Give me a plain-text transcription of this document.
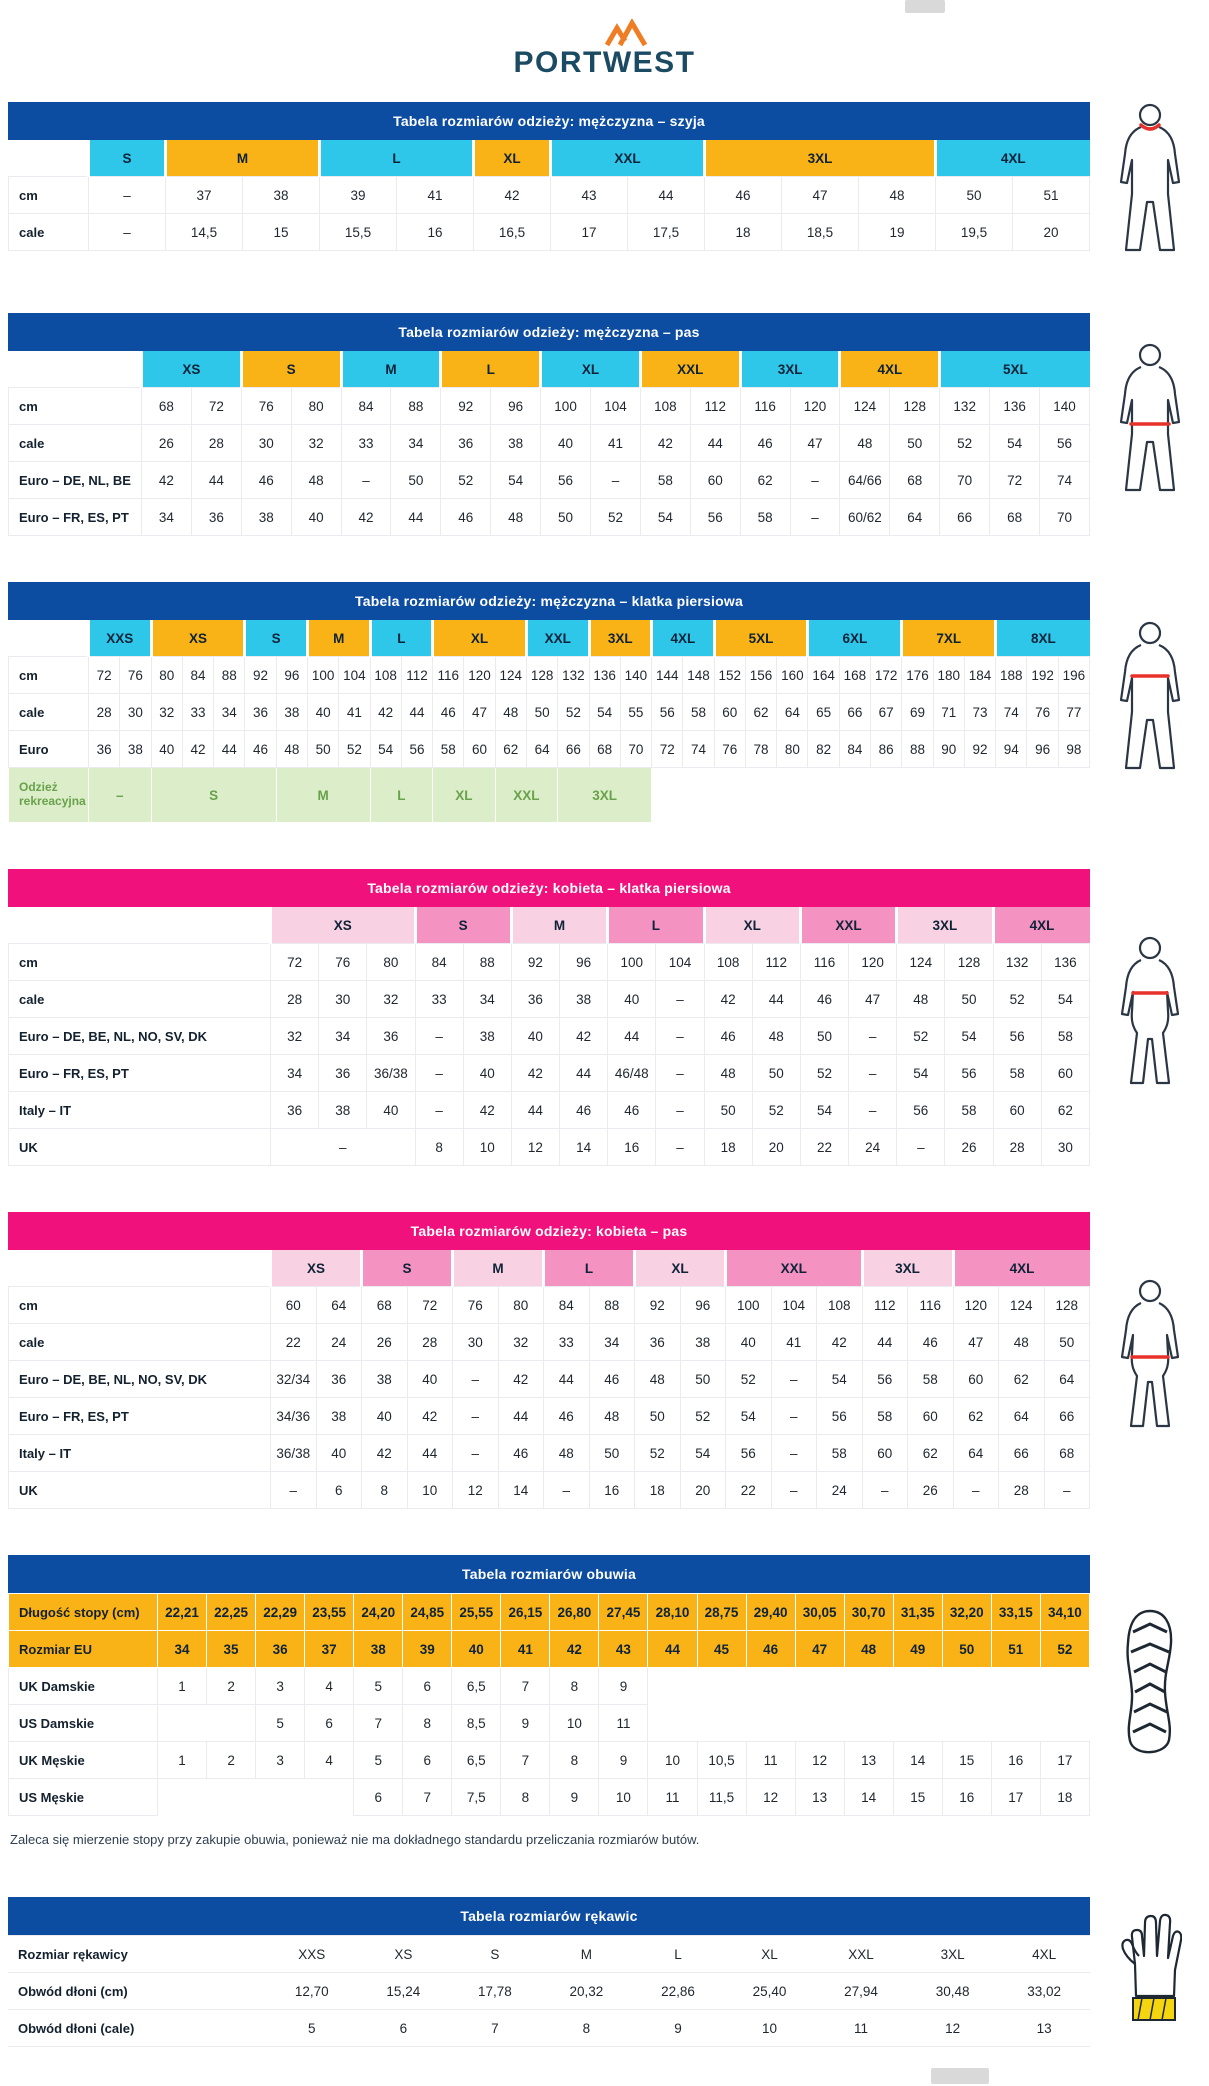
PORTWEST
Tabela rozmiarów odzieży: mężczyzna – szyja
	S	M		L		XL	XXL		3XL			4XL	
cm	–	37	38	39	41	42	43	44	46	47	48	50	51
cale	–	14,5	15	15,5	16	16,5	17	17,5	18	18,5	19	19,5	20
Tabela rozmiarów odzieży: mężczyzna – pas
	XS		S		M		L		XL		XXL		3XL		4XL		5XL		
cm	68	72	76	80	84	88	92	96	100	104	108	112	116	120	124	128	132	136	140
cale	26	28	30	32	33	34	36	38	40	41	42	44	46	47	48	50	52	54	56
Euro – DE, NL, BE	42	44	46	48	–	50	52	54	56	–	58	60	62	–	64/66	68	70	72	74
Euro – FR, ES, PT	34	36	38	40	42	44	46	48	50	52	54	56	58	–	60/62	64	66	68	70
Tabela rozmiarów odzieży: mężczyzna – klatka piersiowa
	XXS		XS			S		M		L		XL			XXL		3XL		4XL		5XL			6XL			7XL			8XL		
cm	72	76	80	84	88	92	96	100	104	108	112	116	120	124	128	132	136	140	144	148	152	156	160	164	168	172	176	180	184	188	192	196
cale	28	30	32	33	34	36	38	40	41	42	44	46	47	48	50	52	54	55	56	58	60	62	64	65	66	67	69	71	73	74	76	77
Euro	36	38	40	42	44	46	48	50	52	54	56	58	60	62	64	66	68	70	72	74	76	78	80	82	84	86	88	90	92	94	96	98
Odzież rekreacyjna	–		S				M			L		XL		XXL		3XL																
Tabela rozmiarów odzieży: kobieta – klatka piersiowa
	XS			S		M		L		XL		XXL		3XL		4XL	
cm	72	76	80	84	88	92	96	100	104	108	112	116	120	124	128	132	136
cale	28	30	32	33	34	36	38	40	–	42	44	46	47	48	50	52	54
Euro – DE, BE, NL, NO, SV, DK	32	34	36	–	38	40	42	44	–	46	48	50	–	52	54	56	58
Euro – FR, ES, PT	34	36	36/38	–	40	42	44	46/48	–	48	50	52	–	54	56	58	60
Italy – IT	36	38	40	–	42	44	46	46	–	50	52	54	–	56	58	60	62
UK	–			8	10	12	14	16	–	18	20	22	24	–	26	28	30
Tabela rozmiarów odzieży: kobieta – pas
	XS		S		M		L		XL		XXL			3XL		4XL		
cm	60	64	68	72	76	80	84	88	92	96	100	104	108	112	116	120	124	128
cale	22	24	26	28	30	32	33	34	36	38	40	41	42	44	46	47	48	50
Euro – DE, BE, NL, NO, SV, DK	32/34	36	38	40	–	42	44	46	48	50	52	–	54	56	58	60	62	64
Euro – FR, ES, PT	34/36	38	40	42	–	44	46	48	50	52	54	–	56	58	60	62	64	66
Italy – IT	36/38	40	42	44	–	46	48	50	52	54	56	–	58	60	62	64	66	68
UK	–	6	8	10	12	14	–	16	18	20	22	–	24	–	26	–	28	–
Tabela rozmiarów obuwia
Długość stopy (cm)	22,21	22,25	22,29	23,55	24,20	24,85	25,55	26,15	26,80	27,45	28,10	28,75	29,40	30,05	30,70	31,35	32,20	33,15	34,10
Rozmiar EU	34	35	36	37	38	39	40	41	42	43	44	45	46	47	48	49	50	51	52
UK Damskie	1	2	3	4	5	6	6,5	7	8	9									
US Damskie			5	6	7	8	8,5	9	10	11									
UK Męskie	1	2	3	4	5	6	6,5	7	8	9	10	10,5	11	12	13	14	15	16	17
US Męskie					6	7	7,5	8	9	10	11	11,5	12	13	14	15	16	17	18

Zaleca się mierzenie stopy przy zakupie obuwia, ponieważ nie ma dokładnego standardu przeliczania rozmiarów butów.

Tabela rozmiarów rękawic
Rozmiar rękawicy	XXS	XS	S	M	L	XL	XXL	3XL	4XL
Obwód dłoni (cm)	12,70	15,24	17,78	20,32	22,86	25,40	27,94	30,48	33,02
Obwód dłoni (cale)	5	6	7	8	9	10	11	12	13
